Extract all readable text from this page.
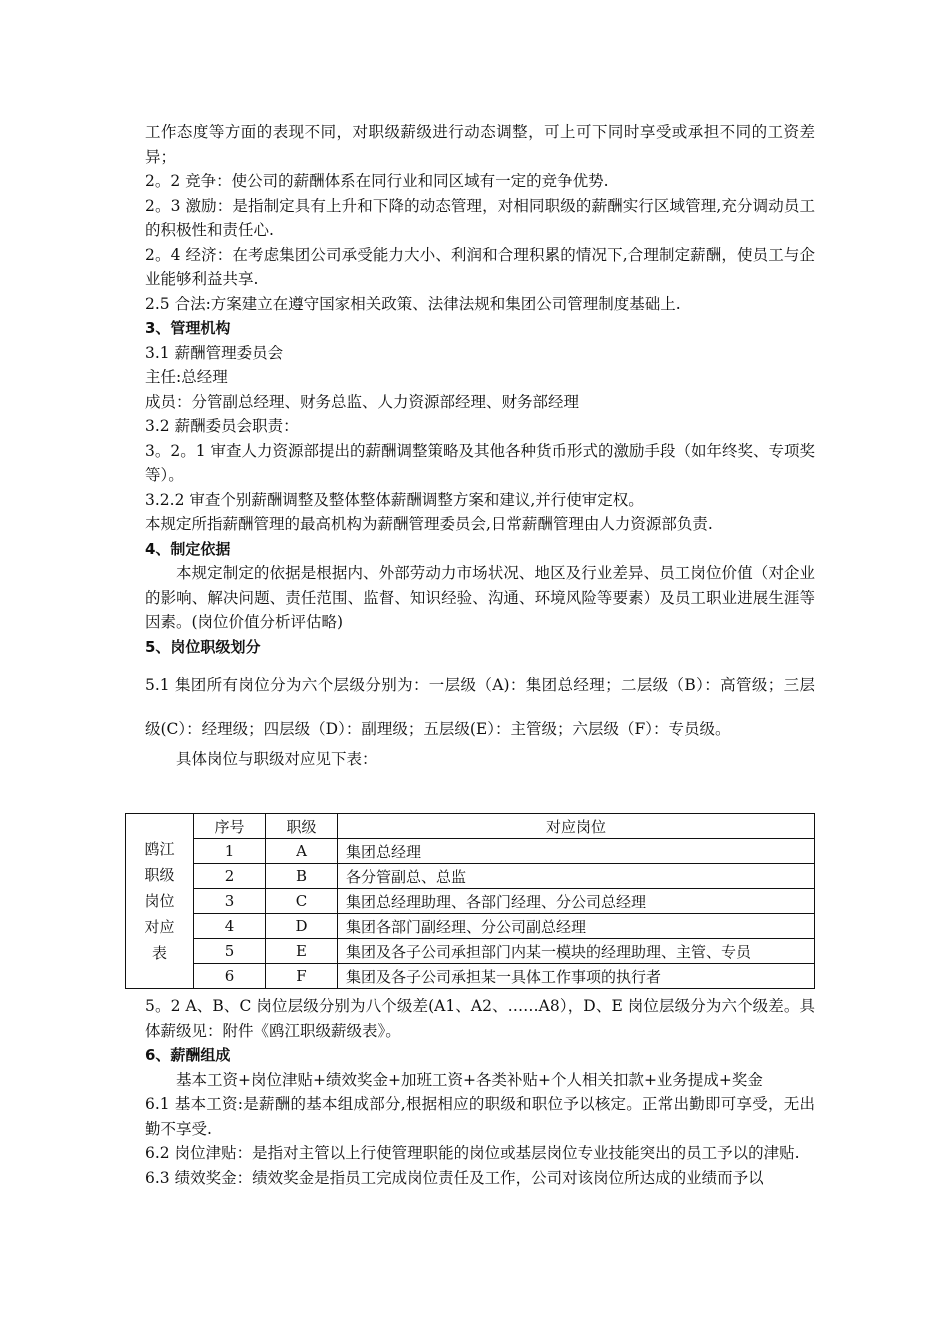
工作态度等方面的表现不同，对职级薪级进行动态调整，可上可下同时享受或承担不同的工资差异；

2。2 竞争：使公司的薪酬体系在同行业和同区域有一定的竞争优势.

2。3 激励：是指制定具有上升和下降的动态管理，对相同职级的薪酬实行区域管理,充分调动员工的积极性和责任心.

2。4 经济：在考虑集团公司承受能力大小、利润和合理积累的情况下,合理制定薪酬，使员工与企业能够利益共享.

2.5 合法:方案建立在遵守国家相关政策、法律法规和集团公司管理制度基础上.

3、管理机构

3.1 薪酬管理委员会

主任:总经理

成员：分管副总经理、财务总监、人力资源部经理、财务部经理

3.2 薪酬委员会职责：

3。2。1 审查人力资源部提出的薪酬调整策略及其他各种货币形式的激励手段（如年终奖、专项奖等）。

3.2.2 审查个别薪酬调整及整体整体薪酬调整方案和建议,并行使审定权。

本规定所指薪酬管理的最高机构为薪酬管理委员会,日常薪酬管理由人力资源部负责.

4、制定依据

本规定制定的依据是根据内、外部劳动力市场状况、地区及行业差异、员工岗位价值（对企业的影响、解决问题、责任范围、监督、知识经验、沟通、环境风险等要素）及员工职业进展生涯等因素。(岗位价值分析评估略)

5、岗位职级划分

5.1 集团所有岗位分为六个层级分别为：一层级（A)：集团总经理；二层级（B）：高管级；三层级(C）：经理级；四层级（D）：副理级；五层级(E）：主管级；六层级（F）：专员级。

具体岗位与职级对应见下表：

鸥江
职级
岗位
对应
表	序号	职级	对应岗位
	1	A	集团总经理
	2	B	各分管副总、总监
	3	C	集团总经理助理、各部门经理、分公司总经理
	4	D	集团各部门副经理、分公司副总经理
	5	E	集团及各子公司承担部门内某一模块的经理助理、主管、专员
	6	F	集团及各子公司承担某一具体工作事项的执行者

5。2 A、B、C 岗位层级分别为八个级差(A1、A2、……A8），D、E 岗位层级分为六个级差。具体薪级见：附件《鸥江职级薪级表》。

6、薪酬组成

基本工资+岗位津贴+绩效奖金+加班工资+各类补贴+个人相关扣款+业务提成+奖金

6.1 基本工资:是薪酬的基本组成部分,根据相应的职级和职位予以核定。正常出勤即可享受，无出勤不享受.

6.2 岗位津贴：是指对主管以上行使管理职能的岗位或基层岗位专业技能突出的员工予以的津贴.

6.3 绩效奖金：绩效奖金是指员工完成岗位责任及工作，公司对该岗位所达成的业绩而予以
